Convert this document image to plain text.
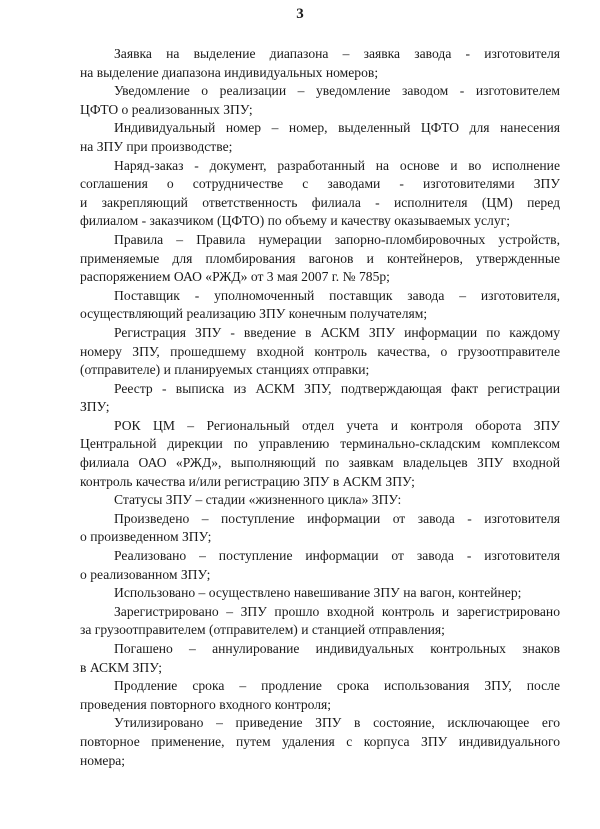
3
Заявка на выделение диапазона – заявка завода - изготовителя
на выделение диапазона индивидуальных номеров;
Уведомление о реализации – уведомление заводом - изготовителем
ЦФТО о реализованных ЗПУ;
Индивидуальный номер – номер, выделенный ЦФТО для нанесения
на ЗПУ при производстве;
Наряд-заказ - документ, разработанный на основе и во исполнение
соглашения о сотрудничестве с заводами - изготовителями ЗПУ
и закрепляющий ответственность филиала - исполнителя (ЦМ) перед
филиалом - заказчиком (ЦФТО) по объему и качеству оказываемых услуг;
Правила – Правила нумерации запорно-пломбировочных устройств,
применяемые для пломбирования вагонов и контейнеров, утвержденные
распоряжением ОАО «РЖД» от 3 мая 2007 г. № 785р;
Поставщик - уполномоченный поставщик завода – изготовителя,
осуществляющий реализацию ЗПУ конечным получателям;
Регистрация ЗПУ - введение в АСКМ ЗПУ информации по каждому
номеру ЗПУ, прошедшему входной контроль качества, о грузоотправителе
(отправителе) и планируемых станциях отправки;
Реестр - выписка из АСКМ ЗПУ, подтверждающая факт регистрации
ЗПУ;
РОК ЦМ – Региональный отдел учета и контроля оборота ЗПУ
Центральной дирекции по управлению терминально-складским комплексом
филиала ОАО «РЖД», выполняющий по заявкам владельцев ЗПУ входной
контроль качества и/или регистрацию ЗПУ в АСКМ ЗПУ;
Статусы ЗПУ – стадии «жизненного цикла» ЗПУ:
Произведено – поступление информации от завода - изготовителя
о произведенном ЗПУ;
Реализовано – поступление информации от завода - изготовителя
о реализованном ЗПУ;
Использовано – осуществлено навешивание ЗПУ на вагон, контейнер;
Зарегистрировано – ЗПУ прошло входной контроль и зарегистрировано
за грузоотправителем (отправителем) и станцией отправления;
Погашено – аннулирование индивидуальных контрольных знаков
в АСКМ ЗПУ;
Продление срока – продление срока использования ЗПУ, после
проведения повторного входного контроля;
Утилизировано – приведение ЗПУ в состояние, исключающее его
повторное применение, путем удаления с корпуса ЗПУ индивидуального
номера;
